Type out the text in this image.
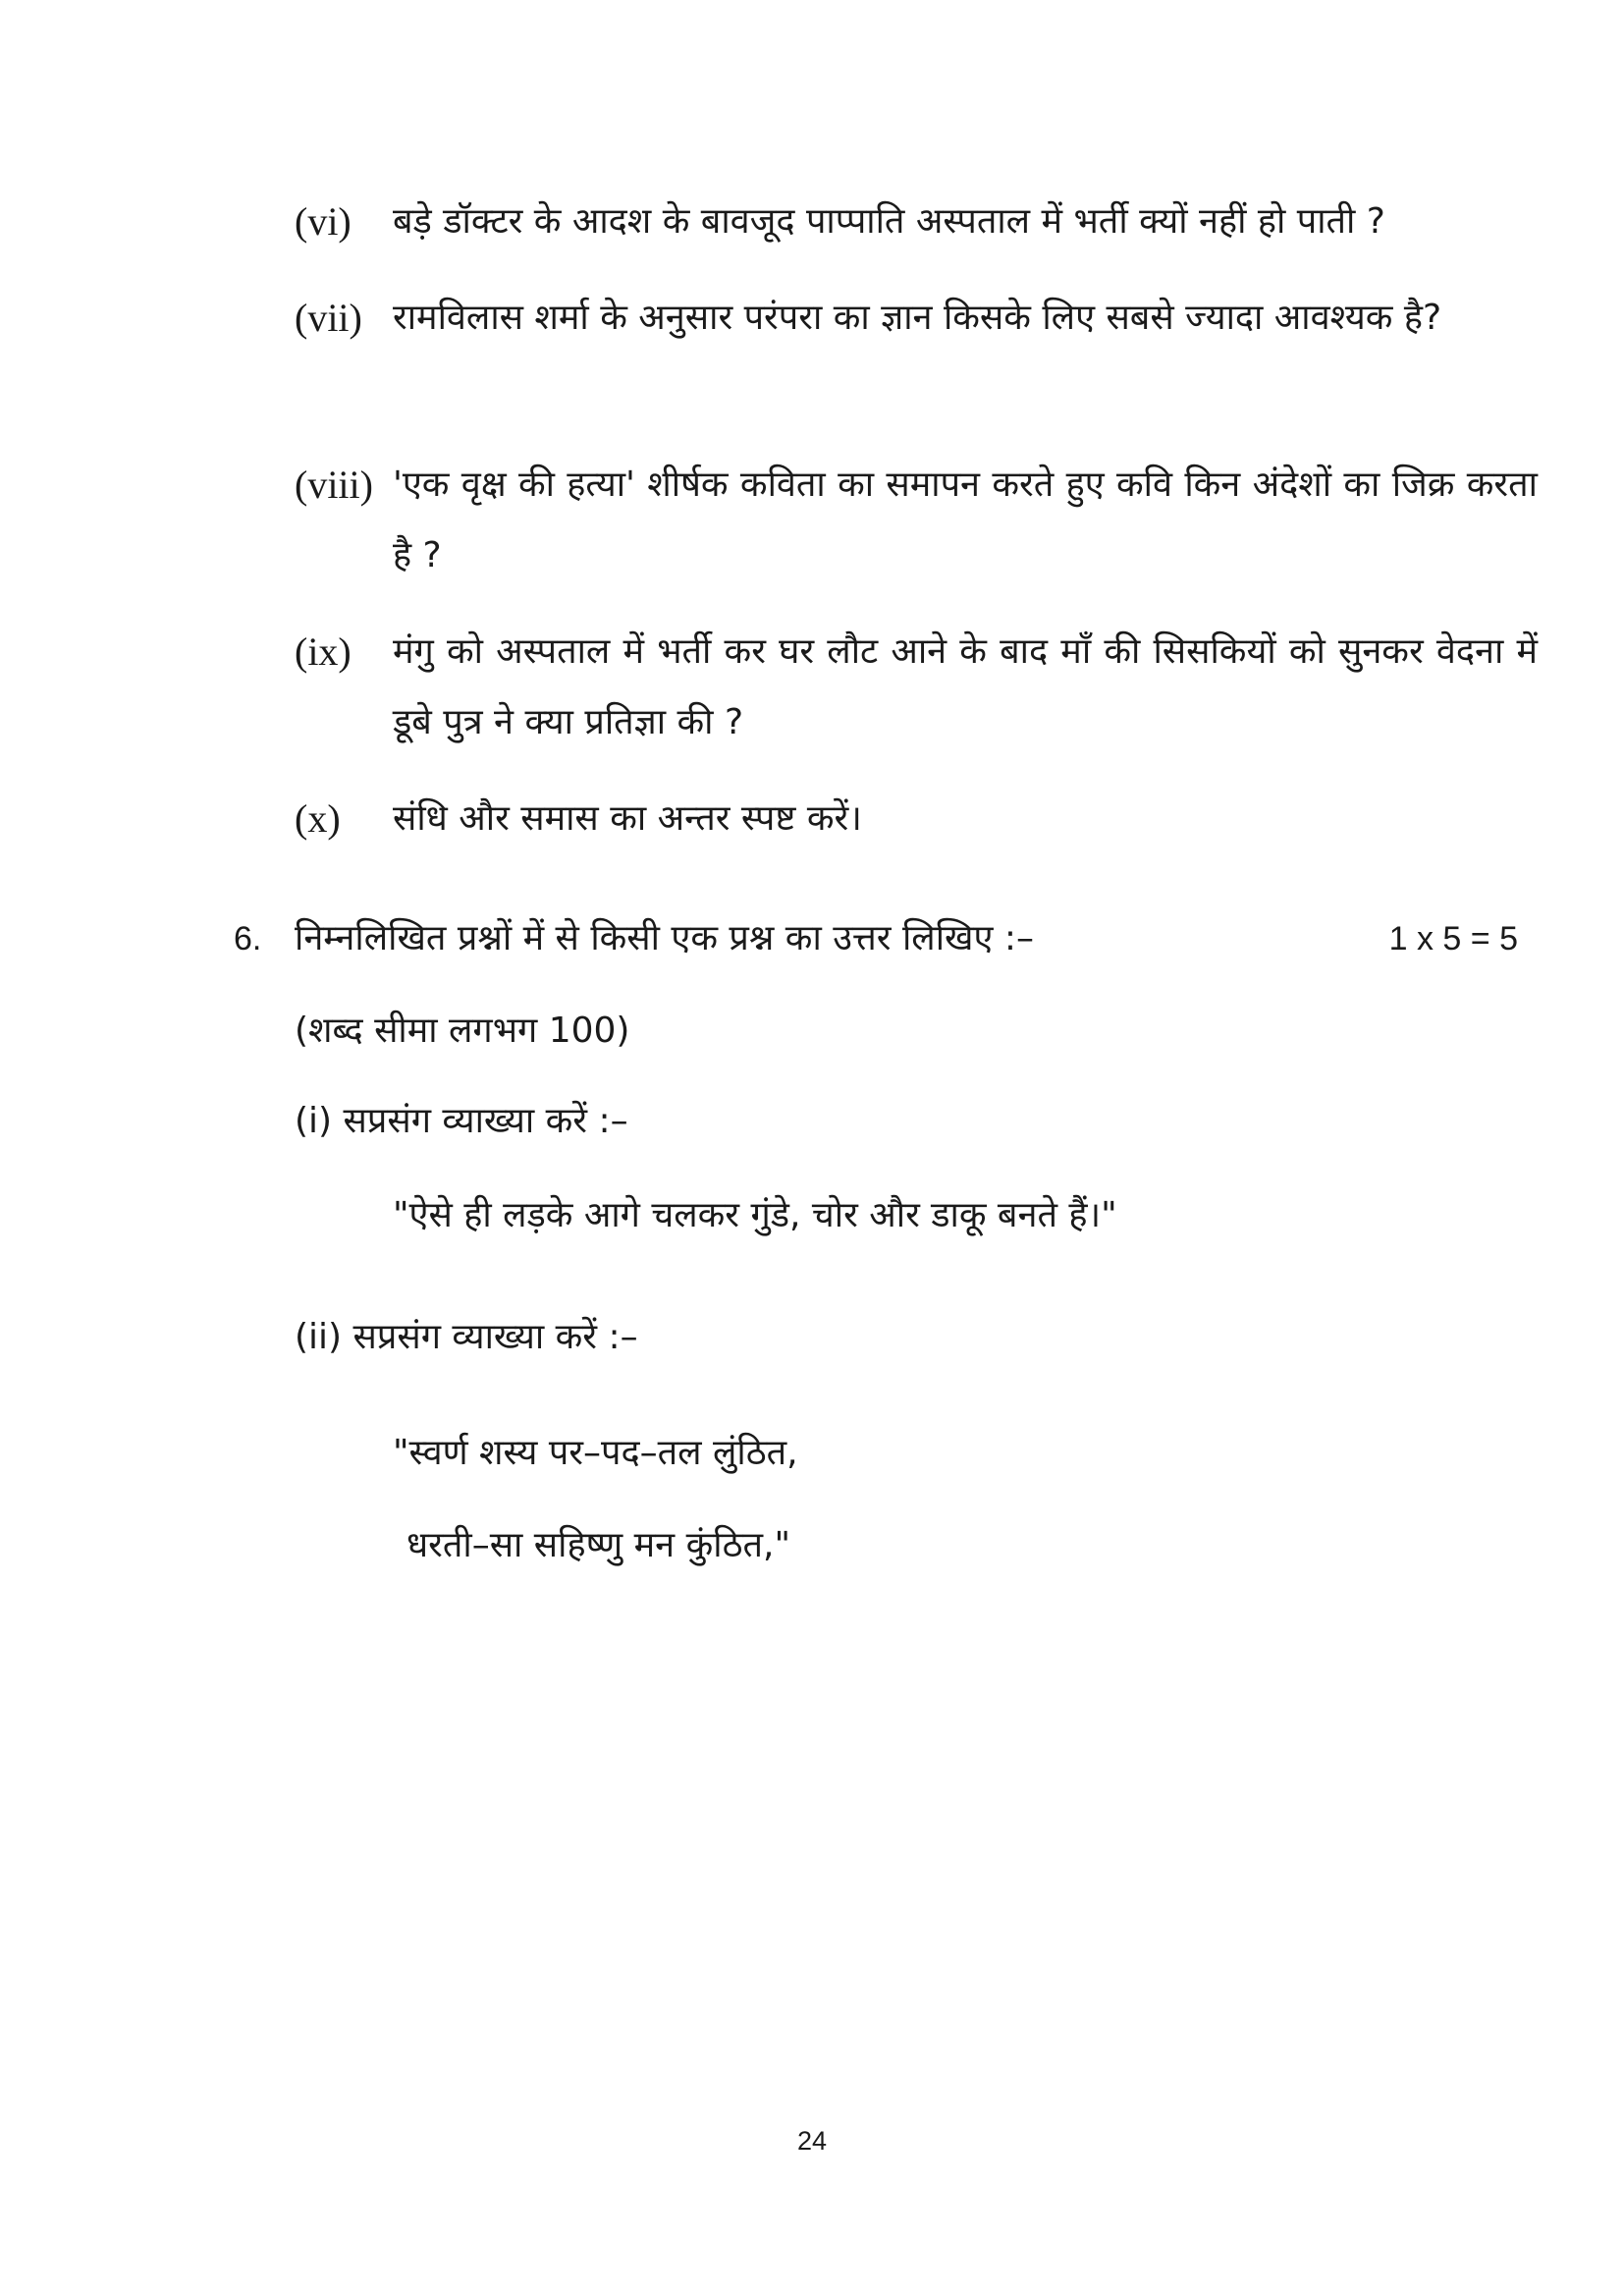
(vi) बड़े डॉक्टर के आदश के बावजूद पाप्पाति अस्पताल में भर्ती क्यों नहीं हो पाती ?
(vii) रामविलास शर्मा के अनुसार परंपरा का ज्ञान किसके लिए सबसे ज्यादा आवश्यक है?
(viii) 'एक वृक्ष की हत्या' शीर्षक कविता का समापन करते हुए कवि किन अंदेशों का जिक्र करता है ?
(ix) मंगु को अस्पताल में भर्ती कर घर लौट आने के बाद माँ की सिसकियों को सुनकर वेदना में डूबे पुत्र ने क्या प्रतिज्ञा की ?
(x) संधि और समास का अन्तर स्पष्ट करें।
6. निम्नलिखित प्रश्नों में से किसी एक प्रश्न का उत्तर लिखिए :–	1 x 5 = 5
(शब्द सीमा लगभग 100)
(i) सप्रसंग व्याख्या करें :–
"ऐसे ही लड़के आगे चलकर गुंडे, चोर और डाकू बनते हैं।"
(ii) सप्रसंग व्याख्या करें :–
"स्वर्ण शस्य पर–पद–तल लुंठित,
धरती–सा सहिष्णु मन कुंठित,"
24
